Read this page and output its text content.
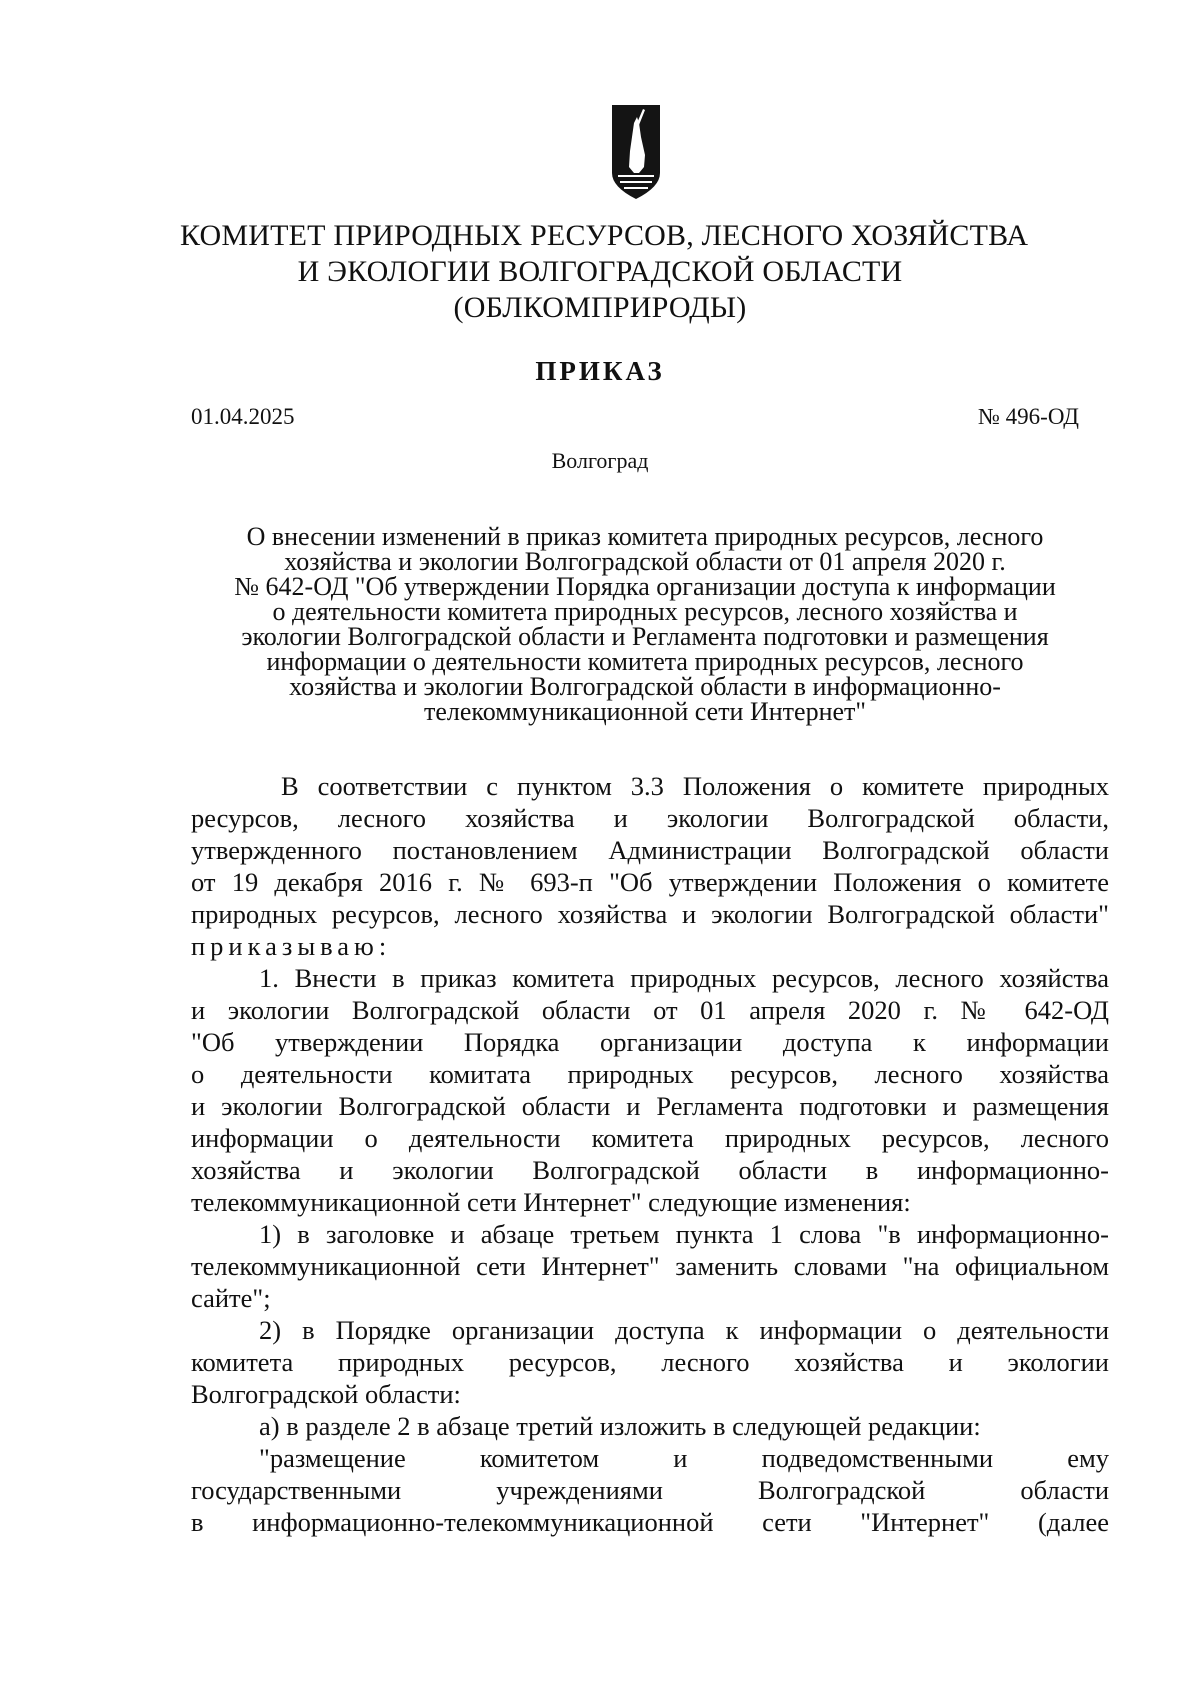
КОМИТЕТ ПРИРОДНЫХ РЕСУРСОВ, ЛЕСНОГО ХОЗЯЙСТВА
И ЭКОЛОГИИ ВОЛГОГРАДСКОЙ ОБЛАСТИ
(ОБЛКОМПРИРОДЫ)
ПРИКАЗ
01.04.2025	№ 496-ОД
Волгоград
О внесении изменений в приказ комитета природных ресурсов, лесного
хозяйства и экологии Волгоградской области от 01 апреля 2020 г.
№ 642-ОД "Об утверждении Порядка организации доступа к информации
о деятельности комитета природных ресурсов, лесного хозяйства и
экологии Волгоградской области и Регламента подготовки и размещения
информации о деятельности комитета природных ресурсов, лесного
хозяйства и экологии Волгоградской области в информационно-
телекоммуникационной сети Интернет"
В соответствии с пунктом 3.3 Положения о комитете природных
ресурсов, лесного хозяйства и экологии Волгоградской области,
утвержденного постановлением Администрации Волгоградской области
от 19 декабря 2016 г. № 693-п "Об утверждении Положения о комитете
природных ресурсов, лесного хозяйства и экологии Волгоградской области"
приказываю:
1. Внести в приказ комитета природных ресурсов, лесного хозяйства
и экологии Волгоградской области от 01 апреля 2020 г. № 642-ОД
"Об утверждении Порядка организации доступа к информации
о деятельности комитата природных ресурсов, лесного хозяйства
и экологии Волгоградской области и Регламента подготовки и размещения
информации о деятельности комитета природных ресурсов, лесного
хозяйства и экологии Волгоградской области в информационно-
телекоммуникационной сети Интернет" следующие изменения:
1) в заголовке и абзаце третьем пункта 1 слова "в информационно-
телекоммуникационной сети Интернет" заменить словами "на официальном
сайте";
2) в Порядке организации доступа к информации о деятельности
комитета природных ресурсов, лесного хозяйства и экологии
Волгоградской области:
а) в разделе 2 в абзаце третий изложить в следующей редакции:
"размещение комитетом и подведомственными ему
государственными учреждениями Волгоградской области
в информационно-телекоммуникационной сети "Интернет" (далее
